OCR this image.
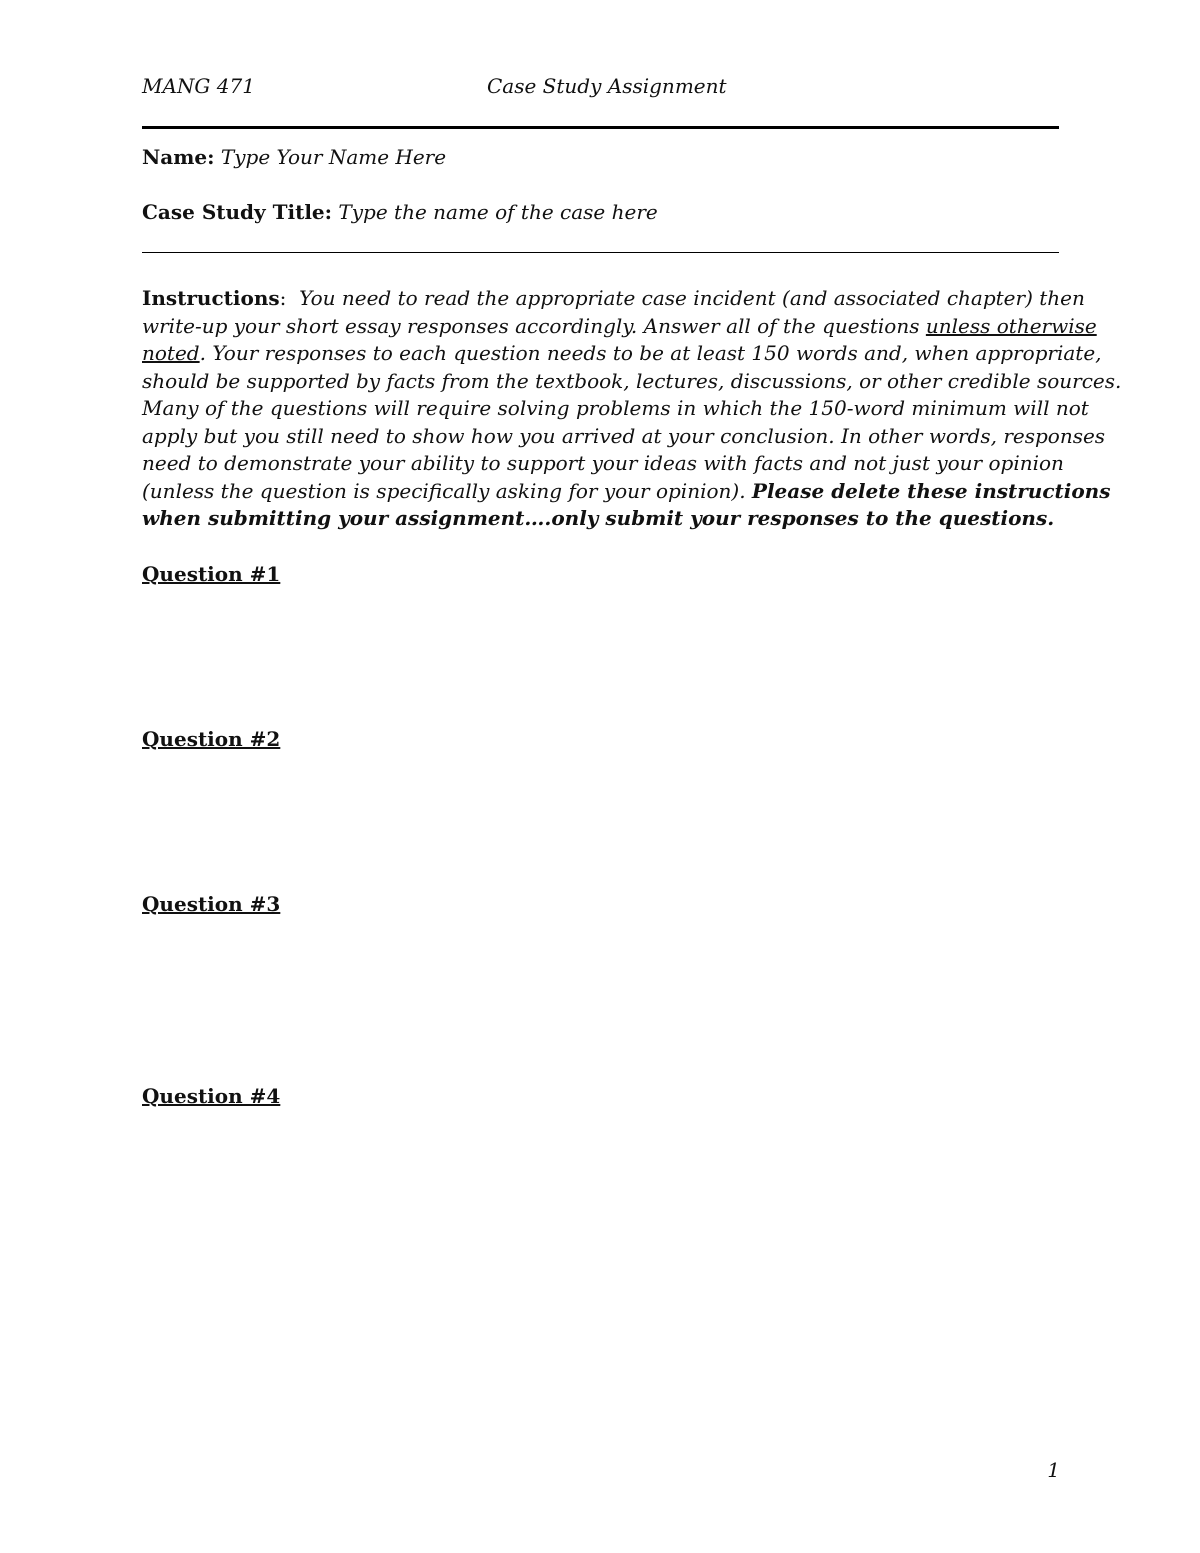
MANG 471	Case Study Assignment
Name: Type Your Name Here
Case Study Title: Type the name of the case here
Instructions: You need to read the appropriate case incident (and associated chapter) then
write-up your short essay responses accordingly. Answer all of the questions unless otherwise
noted. Your responses to each question needs to be at least 150 words and, when appropriate,
should be supported by facts from the textbook, lectures, discussions, or other credible sources.
Many of the questions will require solving problems in which the 150-word minimum will not
apply but you still need to show how you arrived at your conclusion. In other words, responses
need to demonstrate your ability to support your ideas with facts and not just your opinion
(unless the question is specifically asking for your opinion). Please delete these instructions
when submitting your assignment….only submit your responses to the questions.
Question #1
Question #2
Question #3
Question #4
1
